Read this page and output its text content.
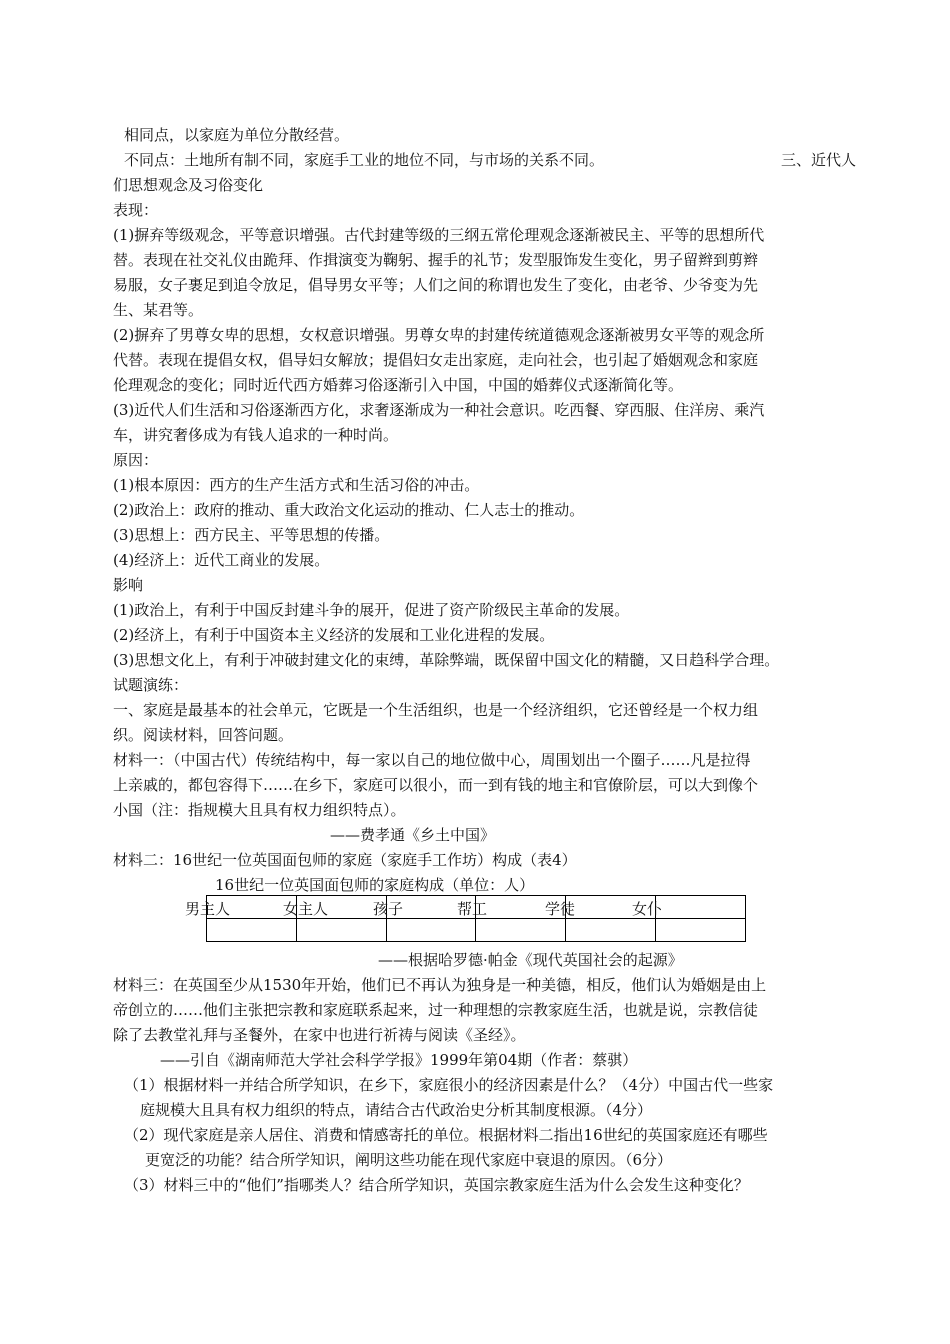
相同点，以家庭为单位分散经营。
不同点：土地所有制不同，家庭手工业的地位不同，与市场的关系不同。	三、近代人
们思想观念及习俗变化
表现：
(1)摒弃等级观念，平等意识增强。古代封建等级的三纲五常伦理观念逐渐被民主、平等的思想所代
替。表现在社交礼仪由跪拜、作揖演变为鞠躬、握手的礼节；发型服饰发生变化，男子留辫到剪辫
易服，女子裹足到追令放足，倡导男女平等；人们之间的称谓也发生了变化，由老爷、少爷变为先
生、某君等。
(2)摒弃了男尊女卑的思想，女权意识增强。男尊女卑的封建传统道德观念逐渐被男女平等的观念所
代替。表现在提倡女权，倡导妇女解放；提倡妇女走出家庭，走向社会，也引起了婚姻观念和家庭
伦理观念的变化；同时近代西方婚葬习俗逐渐引入中国，中国的婚葬仪式逐渐简化等。
(3)近代人们生活和习俗逐渐西方化，求奢逐渐成为一种社会意识。吃西餐、穿西服、住洋房、乘汽
车，讲究奢侈成为有钱人追求的一种时尚。
原因：
(1)根本原因：西方的生产生活方式和生活习俗的冲击。
(2)政治上：政府的推动、重大政治文化运动的推动、仁人志士的推动。
(3)思想上：西方民主、平等思想的传播。
(4)经济上：近代工商业的发展。
影响
(1)政治上，有利于中国反封建斗争的展开，促进了资产阶级民主革命的发展。
(2)经济上，有利于中国资本主义经济的发展和工业化进程的发展。
(3)思想文化上，有利于冲破封建文化的束缚，革除弊端，既保留中国文化的精髓，又日趋科学合理。
试题演练：
一、家庭是最基本的社会单元，它既是一个生活组织，也是一个经济组织，它还曾经是一个权力组
织。阅读材料，回答问题。
材料一：（中国古代）传统结构中，每一家以自己的地位做中心，周围划出一个圈子……凡是拉得
上亲戚的，都包容得下……在乡下，家庭可以很小，而一到有钱的地主和官僚阶层，可以大到像个
小国（注：指规模大且具有权力组织特点）。
——费孝通《乡土中国》
材料二：16世纪一位英国面包师的家庭（家庭手工作坊）构成（表4）
16世纪一位英国面包师的家庭构成（单位：人）

男主人	女主人	孩子	帮工	学徒	女仆
——根据哈罗德·帕金《现代英国社会的起源》
材料三：在英国至少从1530年开始，他们已不再认为独身是一种美德，相反，他们认为婚姻是由上
帝创立的……他们主张把宗教和家庭联系起来，过一种理想的宗教家庭生活，也就是说，宗教信徒
除了去教堂礼拜与圣餐外，在家中也进行祈祷与阅读《圣经》。
——引自《湖南师范大学社会科学学报》1999年第04期（作者：蔡骐）
（1）根据材料一并结合所学知识，在乡下，家庭很小的经济因素是什么？（4分）中国古代一些家
庭规模大且具有权力组织的特点，请结合古代政治史分析其制度根源。（4分）
（2）现代家庭是亲人居住、消费和情感寄托的单位。根据材料二指出16世纪的英国家庭还有哪些
更宽泛的功能？结合所学知识，阐明这些功能在现代家庭中衰退的原因。（6分）
（3）材料三中的“他们”指哪类人？结合所学知识，英国宗教家庭生活为什么会发生这种变化？
